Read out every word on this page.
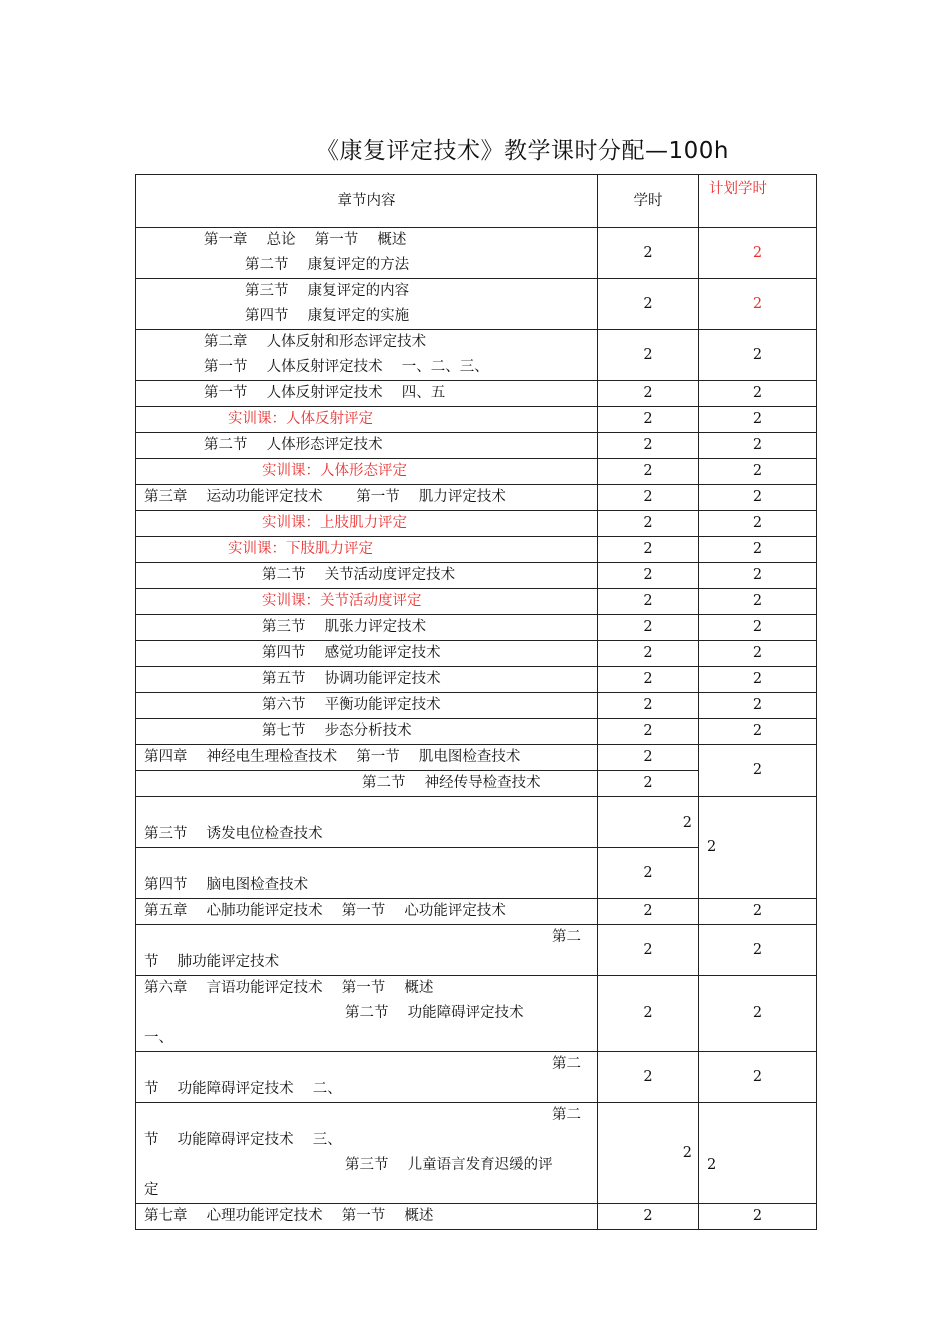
《康复评定技术》教学课时分配—100h
章节内容	学时	计划学时

第一章　 总论　 第一节　 概述
第二节　 康复评定的方法	2	2

第三节　 康复评定的内容
第四节　 康复评定的实施	2	2

第二章　 人体反射和形态评定技术
第一节　 人体反射评定技术　 一、二、三、	2	2

第一节　 人体反射评定技术　 四、五	2	2

实训课：人体反射评定	2	2

第二节　 人体形态评定技术	2	2

实训课：人体形态评定	2	2

第三章　 运动功能评定技术　　 第一节　 肌力评定技术	2	2

实训课：上肢肌力评定	2	2

实训课：下肢肌力评定	2	2

第二节　 关节活动度评定技术	2	2

实训课：关节活动度评定	2	2

第三节　 肌张力评定技术	2	2

第四节　 感觉功能评定技术	2	2

第五节　 协调功能评定技术	2	2

第六节　 平衡功能评定技术	2	2

第七节　 步态分析技术	2	2

第四章　 神经电生理检查技术　 第一节　 肌电图检查技术	2	2

第二节　 神经传导检查技术	2	

第三节　 诱发电位检查技术	2	2

第四节　 脑电图检查技术	2	

第五章　 心肺功能评定技术　 第一节　 心功能评定技术	2	2

第二
节　 肺功能评定技术	2	2

第六章　 言语功能评定技术　 第一节　 概述
第二节　 功能障碍评定技术
一、	2	2

第二
节　 功能障碍评定技术　 二、	2	2

第二
节　 功能障碍评定技术　 三、
第三节　 儿童语言发育迟缓的评
定	2	2

第七章　 心理功能评定技术　 第一节　 概述	2	2
